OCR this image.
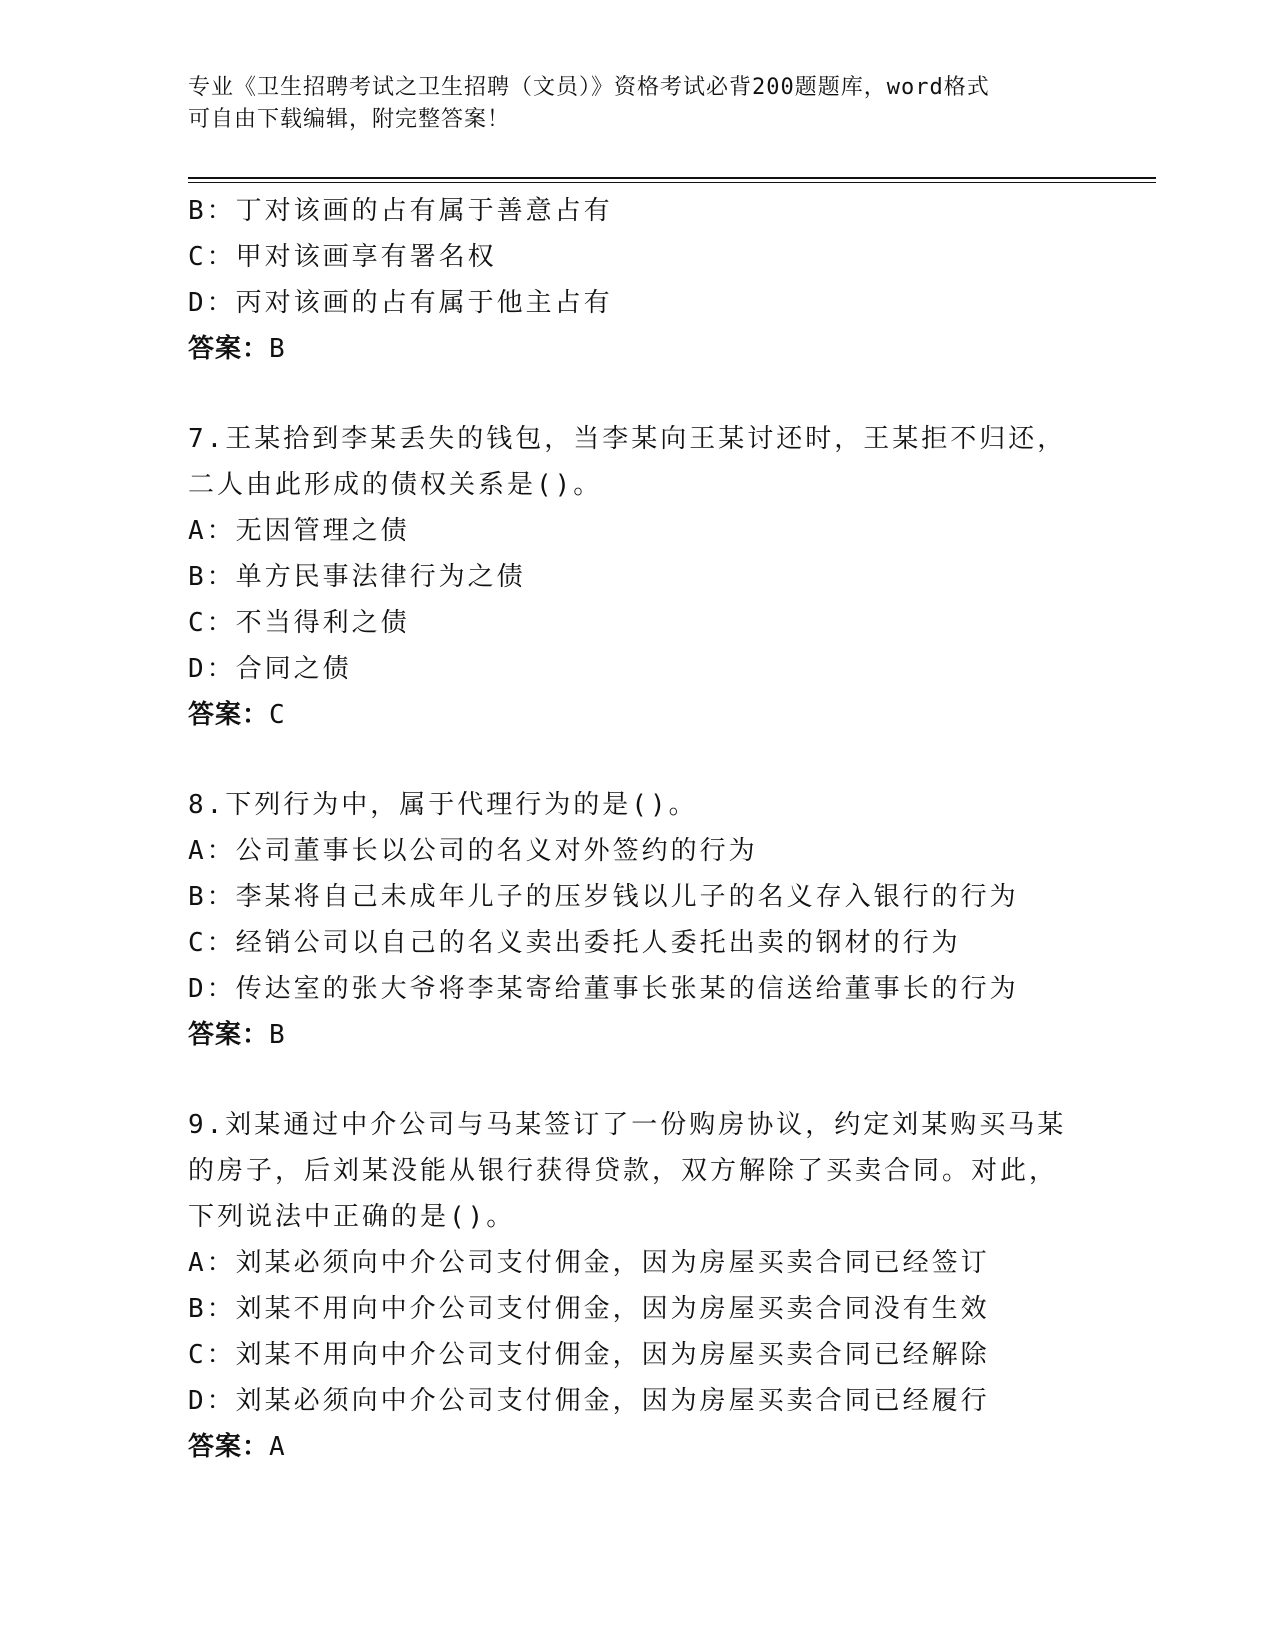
专业《卫生招聘考试之卫生招聘（文员）》资格考试必背200题题库，word格式
可自由下载编辑，附完整答案！
B：丁对该画的占有属于善意占有
C：甲对该画享有署名权
D：丙对该画的占有属于他主占有
答案：B
7.王某拾到李某丢失的钱包，当李某向王某讨还时，王某拒不归还，
二人由此形成的债权关系是()。
A：无因管理之债
B：单方民事法律行为之债
C：不当得利之债
D：合同之债
答案：C
8.下列行为中，属于代理行为的是()。
A：公司董事长以公司的名义对外签约的行为
B：李某将自己未成年儿子的压岁钱以儿子的名义存入银行的行为
C：经销公司以自己的名义卖出委托人委托出卖的钢材的行为
D：传达室的张大爷将李某寄给董事长张某的信送给董事长的行为
答案：B
9.刘某通过中介公司与马某签订了一份购房协议，约定刘某购买马某
的房子，后刘某没能从银行获得贷款，双方解除了买卖合同。对此，
下列说法中正确的是()。
A：刘某必须向中介公司支付佣金，因为房屋买卖合同已经签订
B：刘某不用向中介公司支付佣金，因为房屋买卖合同没有生效
C：刘某不用向中介公司支付佣金，因为房屋买卖合同已经解除
D：刘某必须向中介公司支付佣金，因为房屋买卖合同已经履行
答案：A
